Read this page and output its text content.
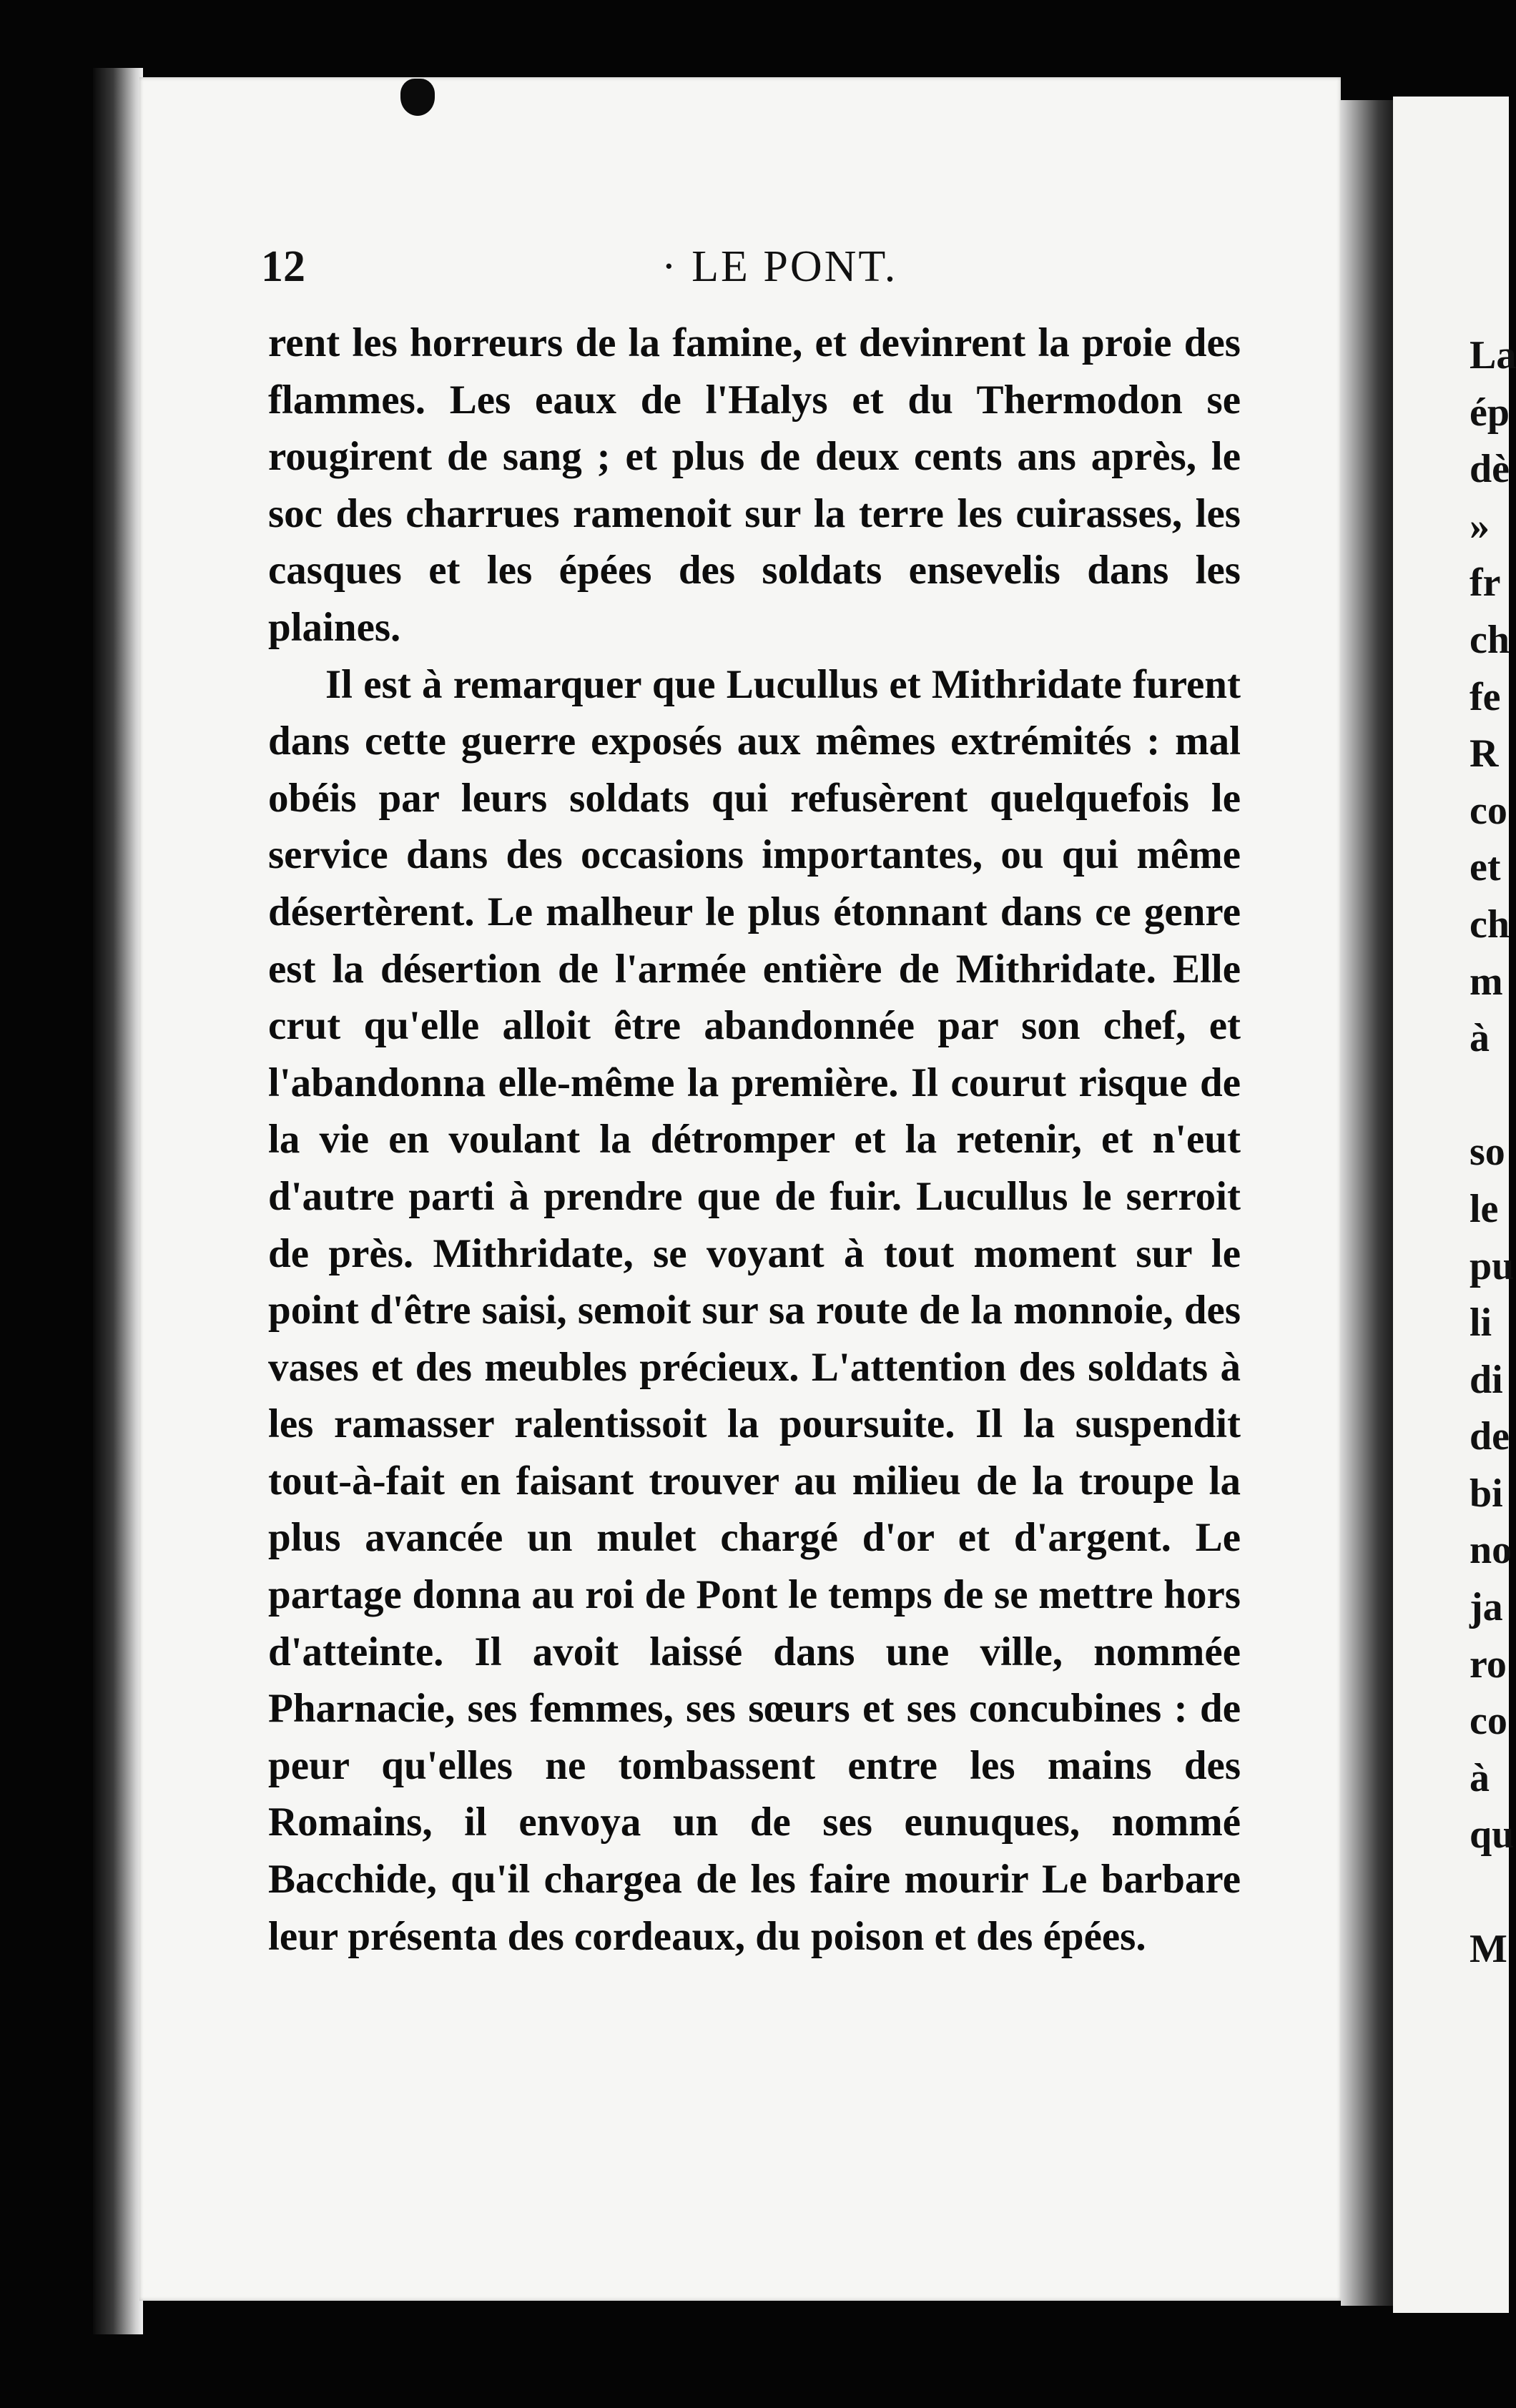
12	· LE PONT.

rent les horreurs de la famine, et devinrent la proie des flammes. Les eaux de l'Halys et du Thermodon se rougirent de sang ; et plus de deux cents ans après, le soc des charrues ramenoit sur la terre les cuirasses, les casques et les épées des soldats ensevelis dans les plaines.

Il est à remarquer que Lucullus et Mithridate furent dans cette guerre exposés aux mêmes extrémités : mal obéis par leurs soldats qui refusèrent quelquefois le service dans des occasions importantes, ou qui même désertèrent. Le malheur le plus étonnant dans ce genre est la désertion de l'armée entière de Mithridate. Elle crut qu'elle alloit être abandonnée par son chef, et l'abandonna elle-même la première. Il courut risque de la vie en voulant la détromper et la retenir, et n'eut d'autre parti à prendre que de fuir. Lucullus le serroit de près. Mithridate, se voyant à tout moment sur le point d'être saisi, semoit sur sa route de la monnoie, des vases et des meubles précieux. L'attention des soldats à les ramasser ralentissoit la poursuite. Il la suspendit tout-à-fait en faisant trouver au milieu de la troupe la plus avancée un mulet chargé d'or et d'argent. Le partage donna au roi de Pont le temps de se mettre hors d'atteinte. Il avoit laissé dans une ville, nommée Pharnacie, ses femmes, ses sœurs et ses concubines : de peur qu'elles ne tombassent entre les mains des Romains, il envoya un de ses eunuques, nommé Bacchide, qu'il chargea de les faire mourir Le barbare leur présenta des cordeaux, du poison et des épées.

La
ép
dè
»
fr
ch
fe
R
co
et
ch
m
à
so
le
pu
li
di
de
bi
no
ja
ro
co
à
qu
M
